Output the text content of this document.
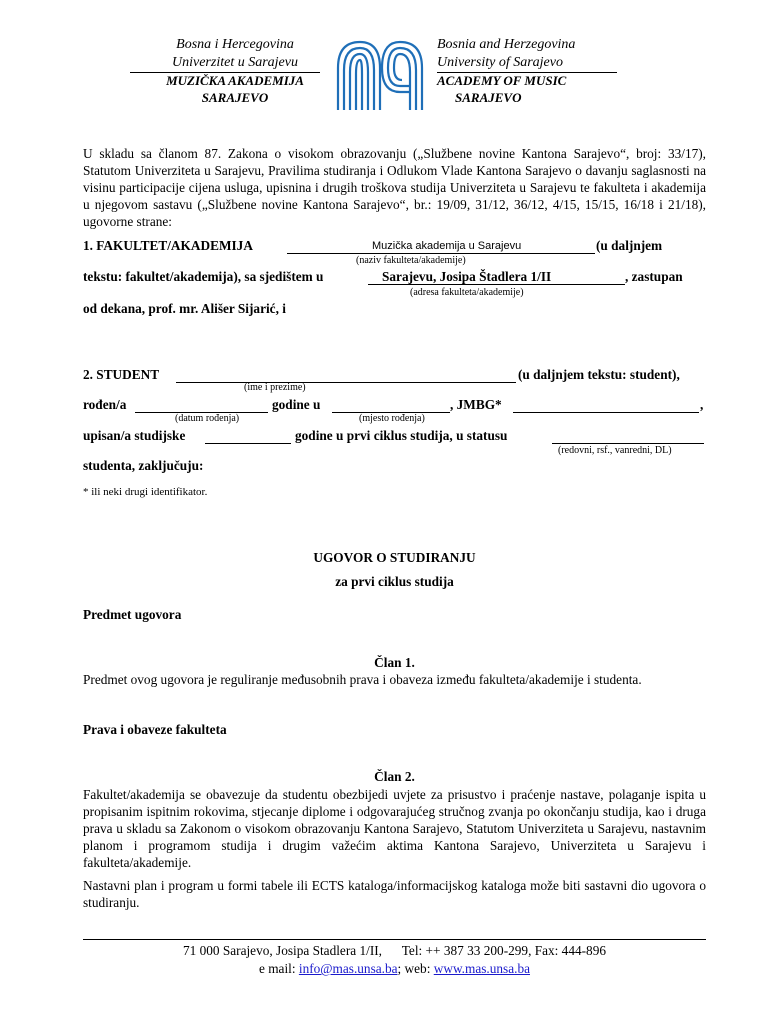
Bosna i Hercegovina
Univerzitet u Sarajevu
MUZIČKA AKADEMIJA
SARAJEVO
Bosnia and Herzegovina
University of Sarajevo
ACADEMY OF MUSIC
SARAJEVO
U skladu sa članom 87. Zakona o visokom obrazovanju („Službene novine Kantona Sarajevo“, broj: 33/17), Statutom Univerziteta u Sarajevu, Pravilima studiranja i Odlukom Vlade Kantona Sarajevo o davanju saglasnosti na visinu participacije cijena usluga, upisnina i drugih troškova studija Univerziteta u Sarajevu te fakulteta i akademija u njegovom sastavu („Službene novine Kantona Sarajevo“, br.: 19/09, 31/12, 36/12, 4/15, 15/15, 16/18 i 21/18), ugovorne strane:
1. FAKULTET/AKADEMIJA	Muzička akademija u Sarajevu	(u daljnjem
(naziv fakulteta/akademije)
tekstu: fakultet/akademija), sa sjedištem u	Sarajevu, Josipa Štadlera 1/II	, zastupan
(adresa fakulteta/akademije)
od dekana, prof. mr. Ališer Sijarić, i
2. STUDENT	(u daljnjem tekstu: student),
(ime i prezime)
rođen/a	godine u	, JMBG*	,
(datum rođenja)	(mjesto rođenja)
upisan/a studijske	godine u prvi ciklus studija, u statusu
(redovni, rsf., vanredni, DL)
studenta, zaključuju:
* ili neki drugi identifikator.
UGOVOR O STUDIRANJU
za prvi ciklus studija
Predmet ugovora
Član 1.
Predmet ovog ugovora je reguliranje međusobnih prava i obaveza između fakulteta/akademije i studenta.
Prava i obaveze fakulteta
Član 2.
Fakultet/akademija se obavezuje da studentu obezbijedi uvjete za prisustvo i praćenje nastave, polaganje ispita u propisanim ispitnim rokovima, stjecanje diplome i odgovarajućeg stručnog zvanja po okončanju studija, kao i druga prava u skladu sa Zakonom o visokom obrazovanju Kantona Sarajevo, Statutom Univerziteta u Sarajevu, nastavnim planom i programom studija i drugim važećim aktima Kantona Sarajevo, Univerziteta u Sarajevu i fakulteta/akademije.
Nastavni plan i program u formi tabele ili ECTS kataloga/informacijskog kataloga može biti sastavni dio ugovora o studiranju.
71 000 Sarajevo, Josipa Stadlera 1/II, Tel: ++ 387 33 200-299, Fax: 444-896
e mail: info@mas.unsa.ba; web: www.mas.unsa.ba
